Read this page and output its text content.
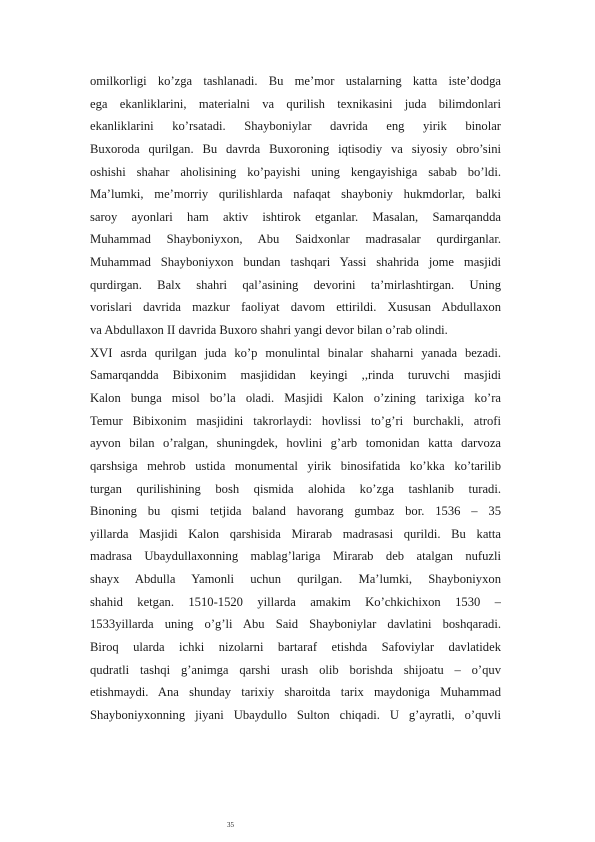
omilkorligi ko’zga tashlanadi. Bu me’mor ustalarning katta iste’dodga
ega ekanliklarini, materialni va qurilish texnikasini juda bilimdonlari
ekanliklarini ko’rsatadi. Shayboniylar davrida eng yirik binolar
Buxoroda qurilgan. Bu davrda Buxoroning iqtisodiy va siyosiy obro’sini
oshishi shahar aholisining ko’payishi uning kengayishiga sabab bo’ldi.
Ma’lumki, me’morriy qurilishlarda nafaqat shayboniy hukmdorlar, balki
saroy ayonlari ham aktiv ishtirok etganlar. Masalan, Samarqandda
Muhammad Shayboniyxon, Abu Saidxonlar madrasalar qurdirganlar.
Muhammad Shayboniyxon bundan tashqari Yassi shahrida jome masjidi
qurdirgan. Balx shahri qal’asining devorini ta’mirlashtirgan. Uning
vorislari davrida mazkur faoliyat davom ettirildi. Xususan Abdullaxon
va Abdullaxon II davrida Buxoro shahri yangi devor bilan o’rab olindi.
XVI asrda qurilgan juda ko’p monulintal binalar shaharni yanada bezadi.
Samarqandda Bibixonim masjididan keyingi ,,rinda turuvchi masjidi
Kalon bunga misol bo’la oladi. Masjidi Kalon o’zining tarixiga ko’ra
Temur Bibixonim masjidini takrorlaydi: hovlissi to’g’ri burchakli, atrofi
ayvon bilan o’ralgan, shuningdek, hovlini g’arb tomonidan katta darvoza
qarshsiga mehrob ustida monumental yirik binosifatida ko’kka ko’tarilib
turgan qurilishining bosh qismida alohida ko’zga tashlanib turadi.
Binoning bu qismi tetjida baland havorang gumbaz bor. 1536 – 35
yillarda Masjidi Kalon qarshisida Mirarab madrasasi qurildi. Bu katta
madrasa Ubaydullaxonning mablag’lariga Mirarab deb atalgan nufuzli
shayx Abdulla Yamonli uchun qurilgan. Ma’lumki, Shayboniyxon
shahid ketgan. 1510-1520 yillarda amakim Ko’chkichixon 1530 –
1533yillarda uning o’g’li Abu Said Shayboniylar davlatini boshqaradi.
Biroq ularda ichki nizolarni bartaraf etishda Safoviylar davlatidek
qudratli tashqi g’animga qarshi urash olib borishda shijoatu – o’quv
etishmaydi. Ana shunday tarixiy sharoitda tarix maydoniga Muhammad
Shayboniyxonning jiyani Ubaydullo Sulton chiqadi. U g’ayratli, o’quvli
35
